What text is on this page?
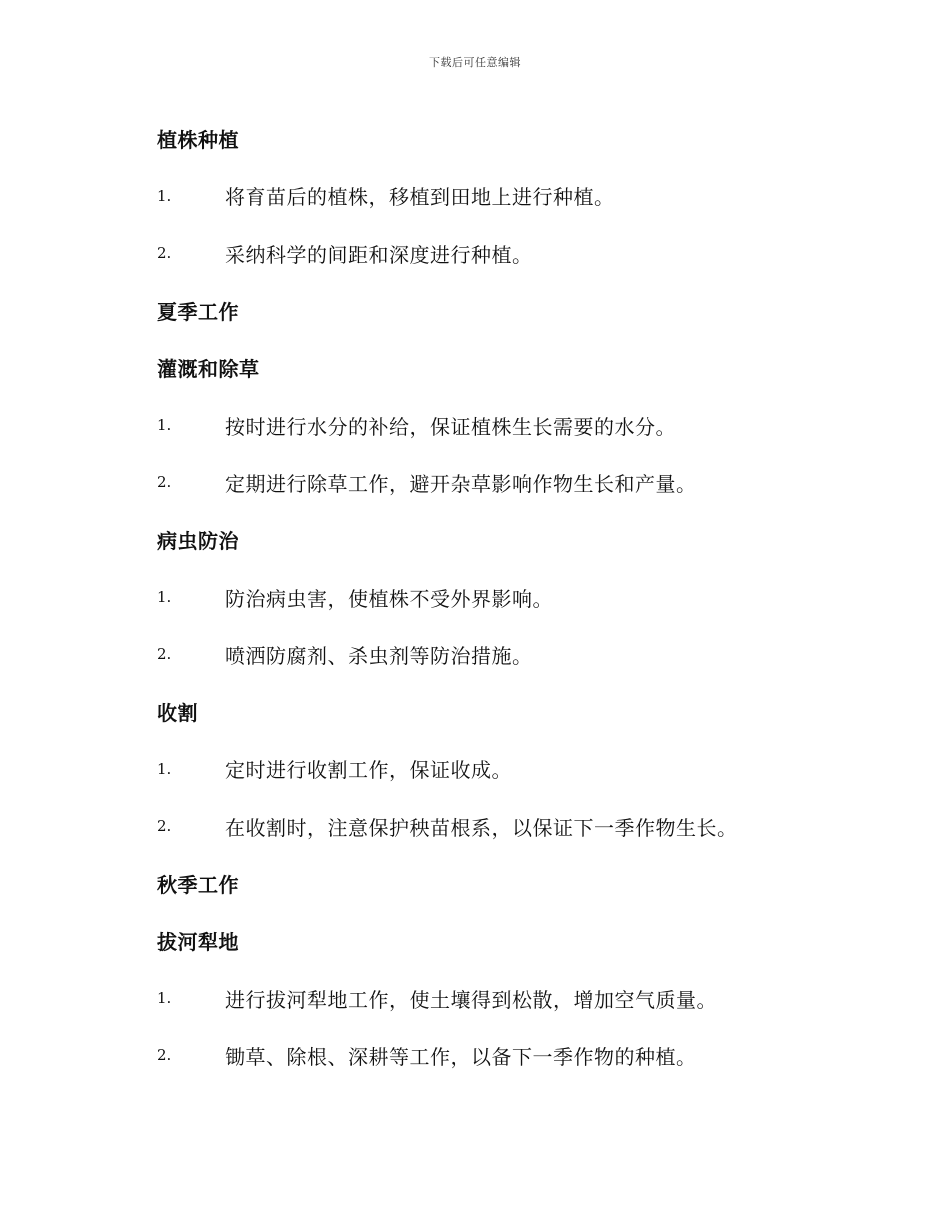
下载后可任意编辑
植株种植
1.	将育苗后的植株，移植到田地上进行种植。
2.	采纳科学的间距和深度进行种植。
夏季工作
灌溉和除草
1.	按时进行水分的补给，保证植株生长需要的水分。
2.	定期进行除草工作，避开杂草影响作物生长和产量。
病虫防治
1.	防治病虫害，使植株不受外界影响。
2.	喷洒防腐剂、杀虫剂等防治措施。
收割
1.	定时进行收割工作，保证收成。
2.	在收割时，注意保护秧苗根系，以保证下一季作物生长。
秋季工作
拔河犁地
1.	进行拔河犁地工作，使土壤得到松散，增加空气质量。
2.	锄草、除根、深耕等工作，以备下一季作物的种植。
